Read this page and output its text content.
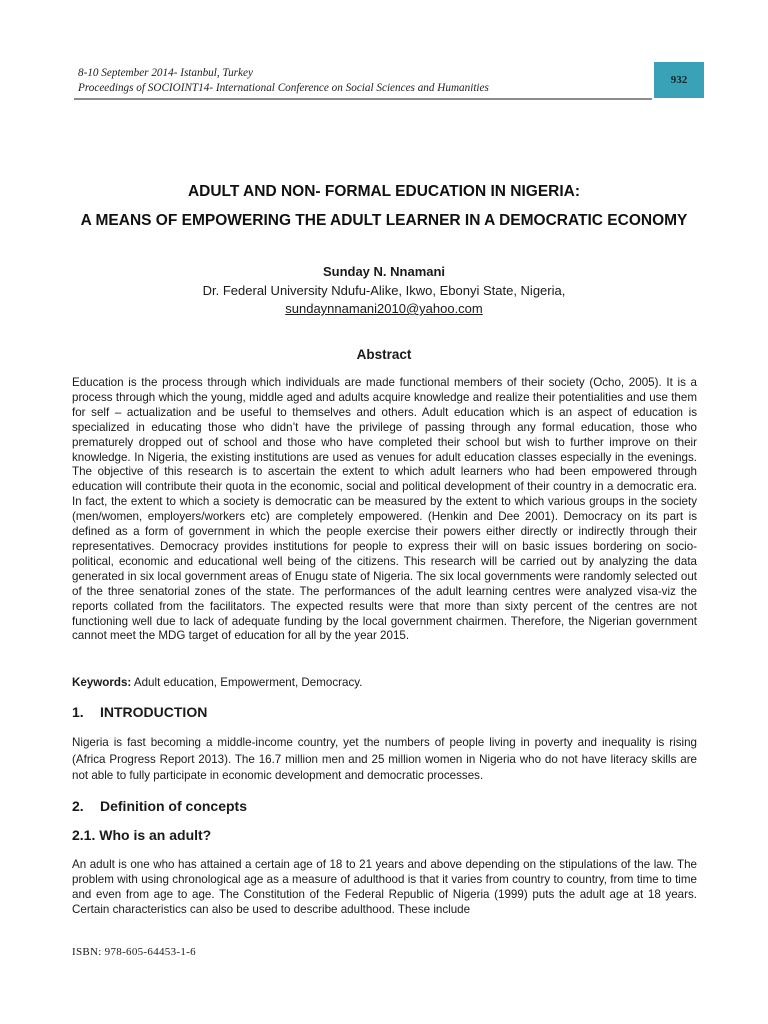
8-10 September 2014- Istanbul, Turkey
Proceedings of SOCIOINT14- International Conference on Social Sciences and Humanities
932
ADULT AND NON- FORMAL EDUCATION IN NIGERIA:
A MEANS OF EMPOWERING THE ADULT LEARNER IN A DEMOCRATIC ECONOMY
Sunday N. Nnamani
Dr. Federal University Ndufu-Alike, Ikwo, Ebonyi State, Nigeria,
sundaynnamani2010@yahoo.com
Abstract
Education is the process through which individuals are made functional members of their society (Ocho, 2005). It is a process through which the young, middle aged and adults acquire knowledge and realize their potentialities and use them for self – actualization and be useful to themselves and others. Adult education which is an aspect of education is specialized in educating those who didn’t have the privilege of passing through any formal education, those who prematurely dropped out of school and those who have completed their school but wish to further improve on their knowledge. In Nigeria, the existing institutions are used as venues for adult education classes especially in the evenings. The objective of this research is to ascertain the extent to which adult learners who had been empowered through education will contribute their quota in the economic, social and political development of their country in a democratic era. In fact, the extent to which a society is democratic can be measured by the extent to which various groups in the society (men/women, employers/workers etc) are completely empowered. (Henkin and Dee 2001). Democracy on its part is defined as a form of government in which the people exercise their powers either directly or indirectly through their representatives. Democracy provides institutions for people to express their will on basic issues bordering on socio-political, economic and educational well being of the citizens. This research will be carried out by analyzing the data generated in six local government areas of Enugu state of Nigeria. The six local governments were randomly selected out of the three senatorial zones of the state. The performances of the adult learning centres were analyzed visa-viz the reports collated from the facilitators. The expected results were that more than sixty percent of the centres are not functioning well due to lack of adequate funding by the local government chairmen. Therefore, the Nigerian government cannot meet the MDG target of education for all by the year 2015.
Keywords: Adult education, Empowerment, Democracy.
1. INTRODUCTION
Nigeria is fast becoming a middle-income country, yet the numbers of people living in poverty and inequality is rising (Africa Progress Report 2013). The 16.7 million men and 25 million women in Nigeria who do not have literacy skills are not able to fully participate in economic development and democratic processes.
2. Definition of concepts
2.1. Who is an adult?
An adult is one who has attained a certain age of 18 to 21 years and above depending on the stipulations of the law. The problem with using chronological age as a measure of adulthood is that it varies from country to country, from time to time and even from age to age. The Constitution of the Federal Republic of Nigeria (1999) puts the adult age at 18 years. Certain characteristics can also be used to describe adulthood. These include
ISBN: 978-605-64453-1-6
